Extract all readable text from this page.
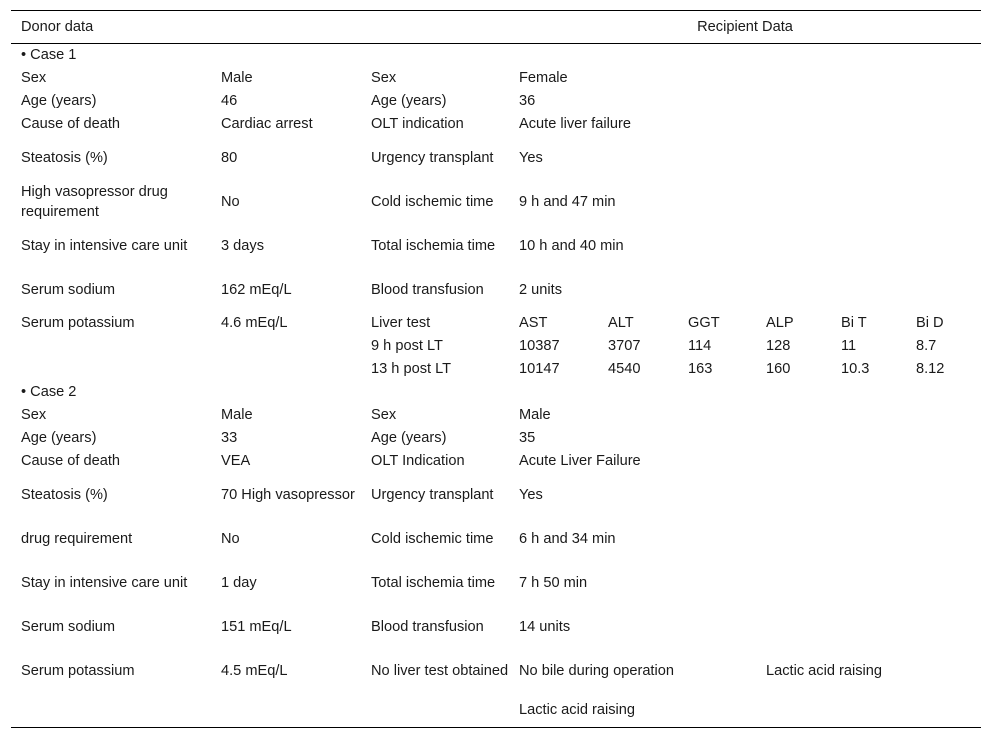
Donor data			Recipient Data					
• Case 1								
Sex	Male	Sex	Female					
Age (years)	46	Age (years)	36					
Cause of death	Cardiac arrest	OLT indication	Acute liver failure					
Steatosis (%)	80	Urgency transplant	Yes					
High vasopressor drug requirement	No	Cold ischemic time	9 h and 47 min					
Stay in intensive care unit	3 days	Total ischemia time	10 h and 40 min					
Serum sodium	162 mEq/L	Blood transfusion	2 units					
Serum potassium	4.6 mEq/L	Liver test	AST	ALT	GGT	ALP	Bi T	Bi D
		9 h post LT	10387	3707	114	128	11	8.7
		13 h post LT	10147	4540	163	160	10.3	8.12
• Case 2								
Sex	Male	Sex	Male					
Age (years)	33	Age (years)	35					
Cause of death	VEA	OLT Indication	Acute Liver Failure					
Steatosis (%)	70 High vasopressor	Urgency transplant	Yes					
drug requirement	No	Cold ischemic time	6 h and 34 min					
Stay in intensive care unit	1 day	Total ischemia time	7 h 50 min					
Serum sodium	151 mEq/L	Blood transfusion	14 units					
Serum potassium	4.5 mEq/L	No liver test obtained	No bile during operation			Lactic acid raising		
			Lactic acid raising					
